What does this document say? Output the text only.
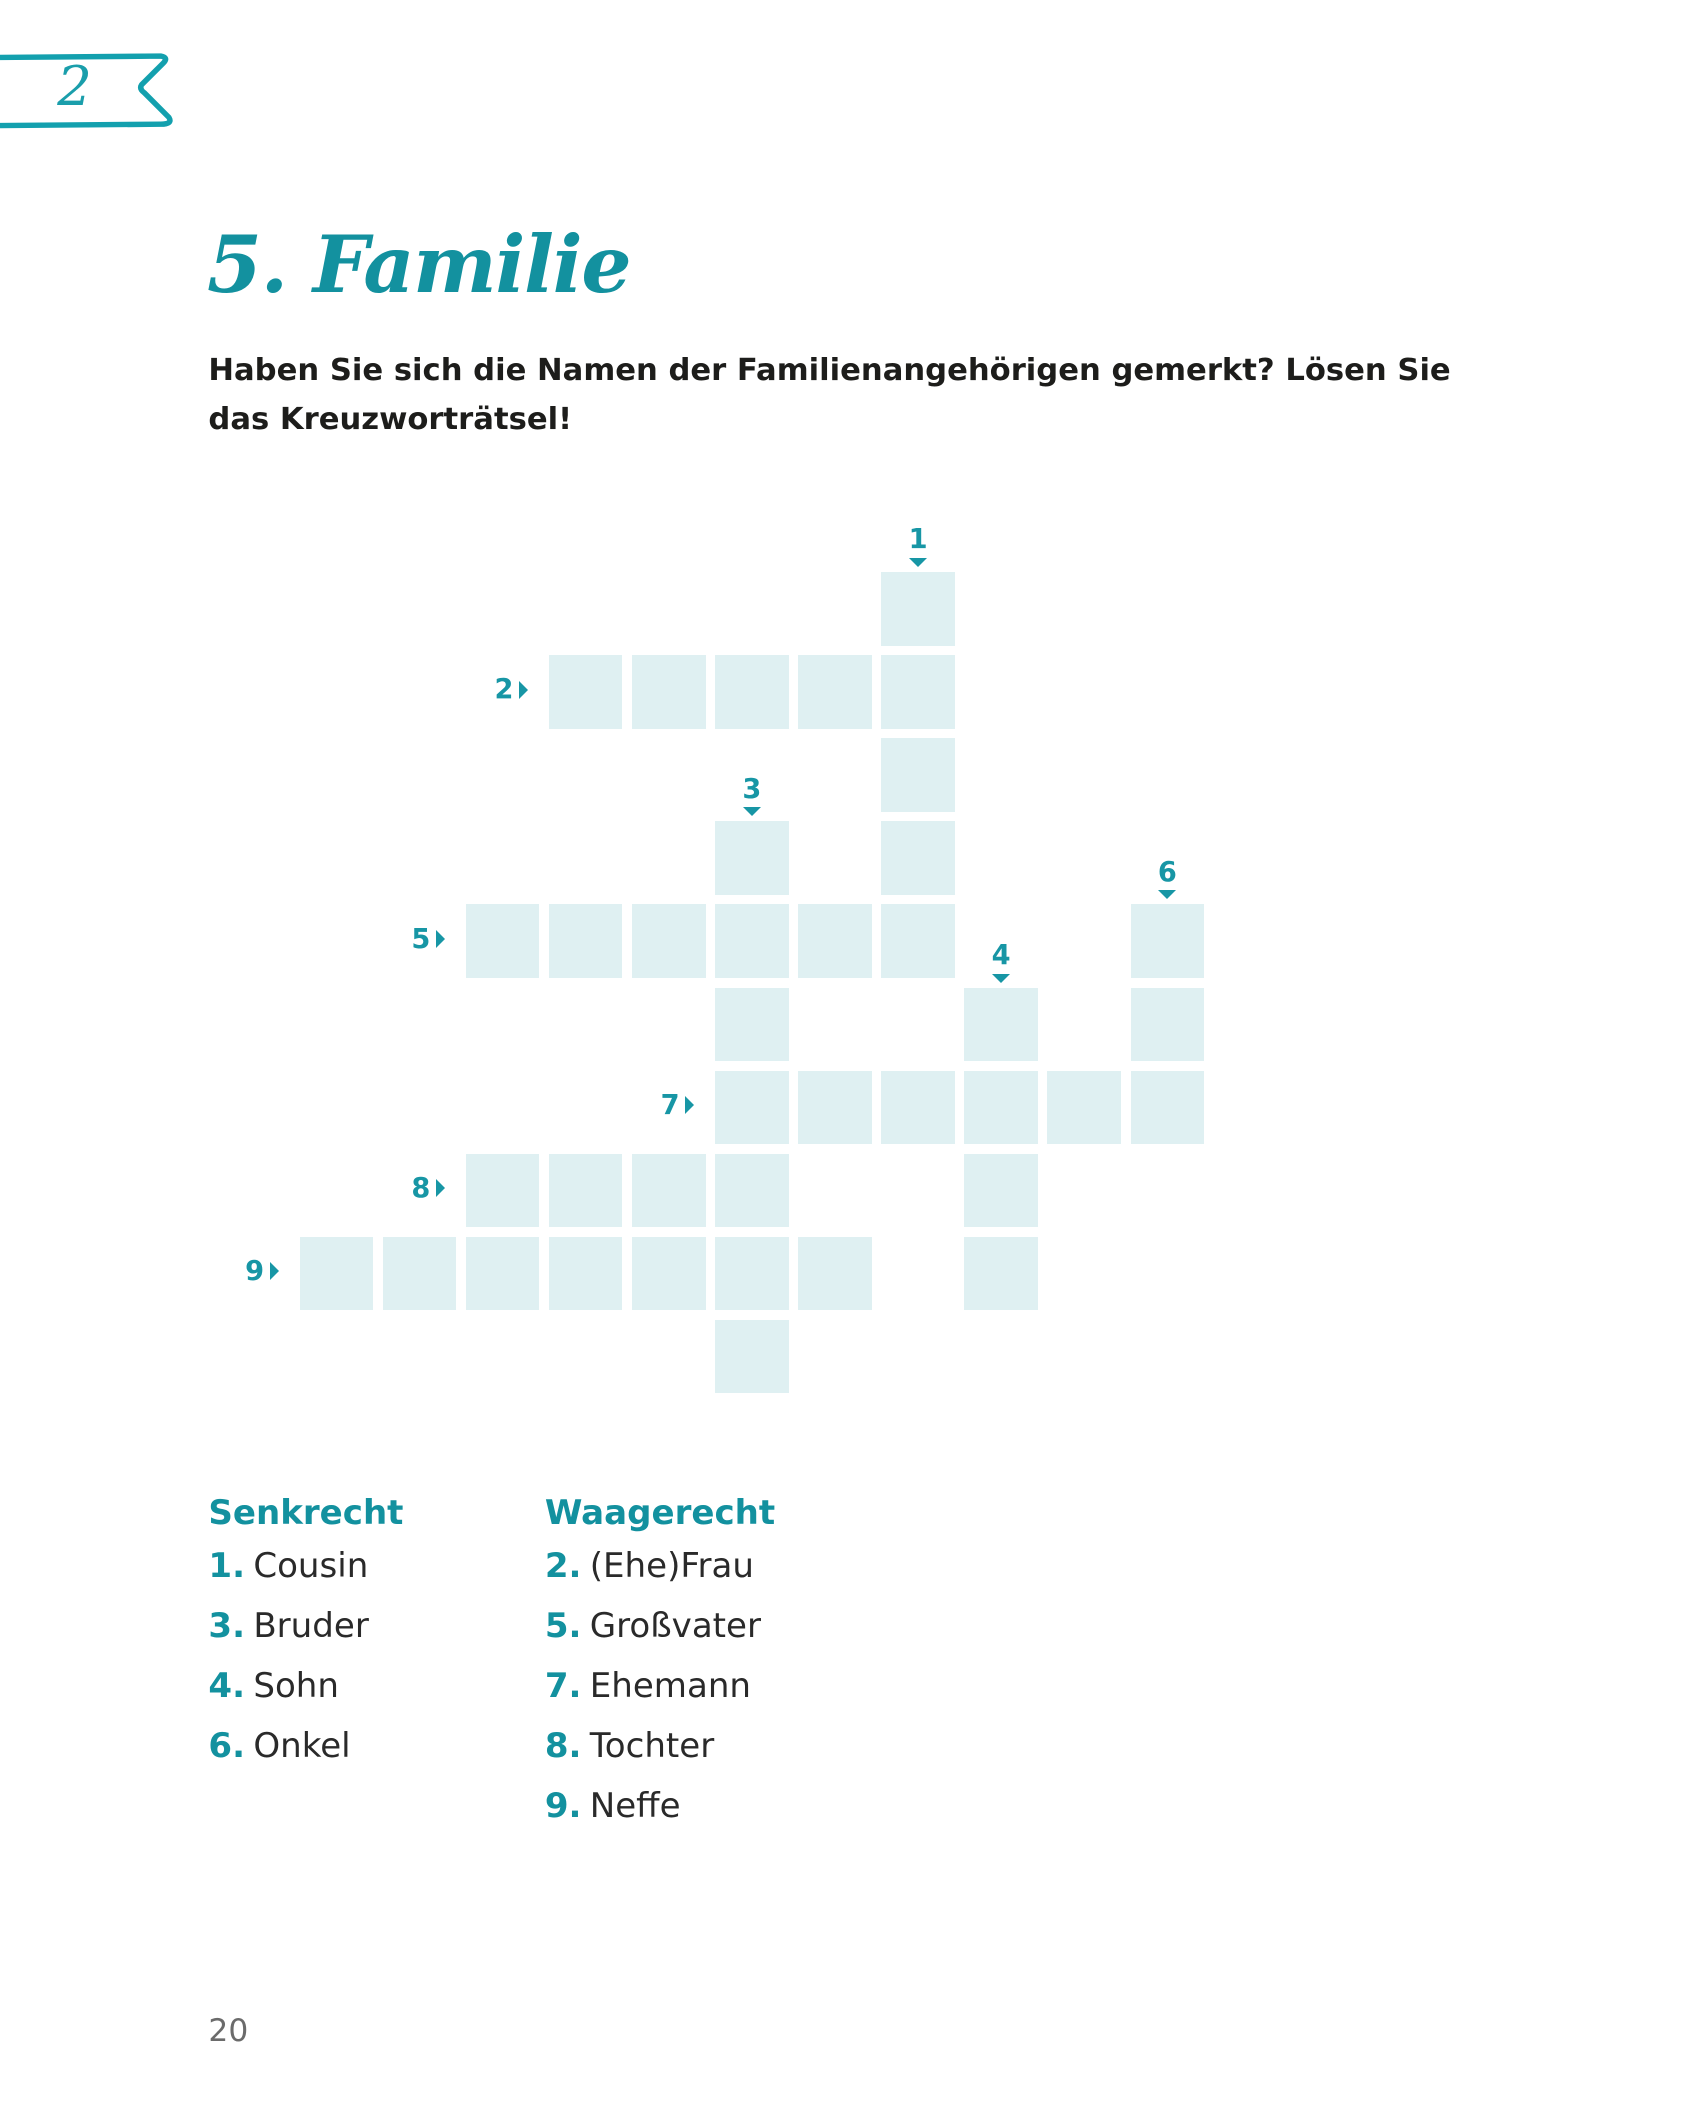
2
5. Familie
Haben Sie sich die Namen der Familienangehörigen gemerkt? Lösen Sie das Kreuzworträtsel!
1
2
3
4
5
6
7
8
9
Senkrecht
1. Cousin
3. Bruder
4. Sohn
6. Onkel
Waagerecht
2. (Ehe)Frau
5. Großvater
7. Ehemann
8. Tochter
9. Neffe
20
